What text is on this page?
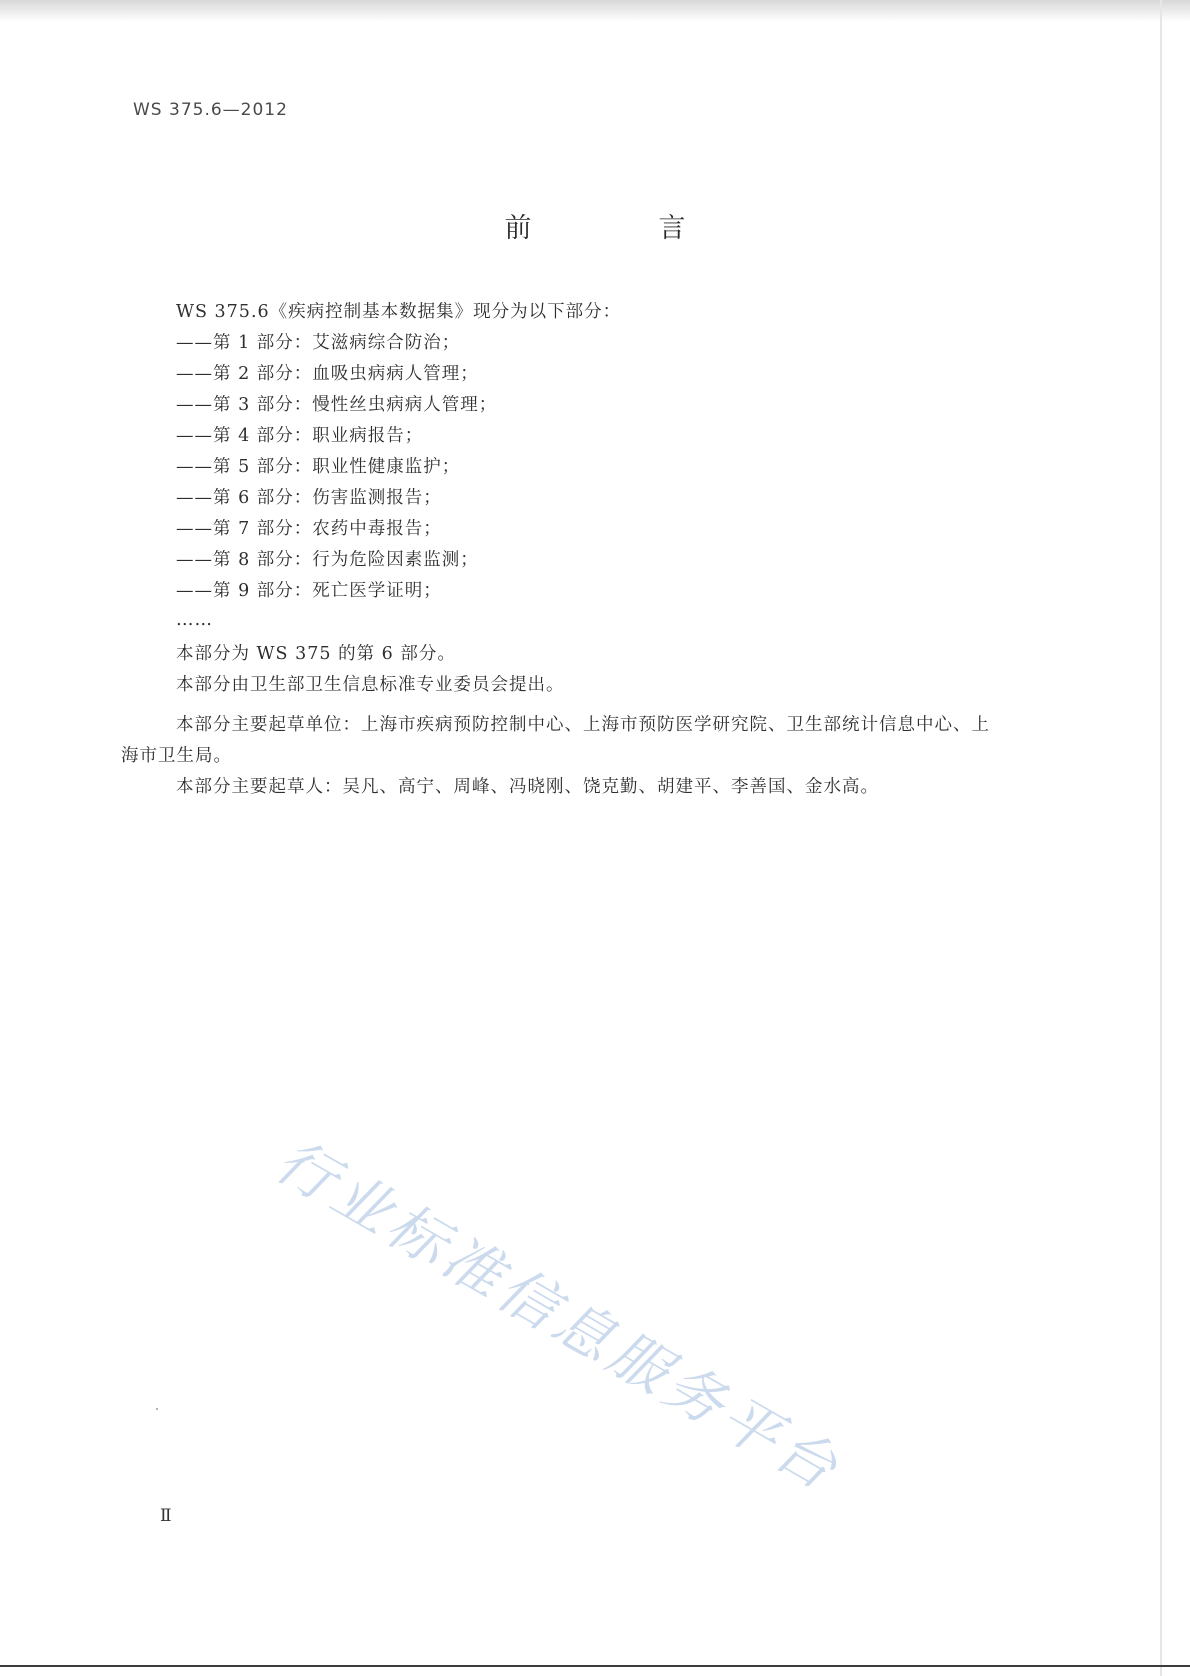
WS 375.6—2012
前　言
WS 375.6《疾病控制基本数据集》现分为以下部分：
——第 1 部分：艾滋病综合防治；
——第 2 部分：血吸虫病病人管理；
——第 3 部分：慢性丝虫病病人管理；
——第 4 部分：职业病报告；
——第 5 部分：职业性健康监护；
——第 6 部分：伤害监测报告；
——第 7 部分：农药中毒报告；
——第 8 部分：行为危险因素监测；
——第 9 部分：死亡医学证明；
……
本部分为 WS 375 的第 6 部分。
本部分由卫生部卫生信息标准专业委员会提出。
本部分主要起草单位：上海市疾病预防控制中心、上海市预防医学研究院、卫生部统计信息中心、上
海市卫生局。
本部分主要起草人：吴凡、高宁、周峰、冯晓刚、饶克勤、胡建平、李善国、金水高。
行业标准信息服务平台
Ⅱ
